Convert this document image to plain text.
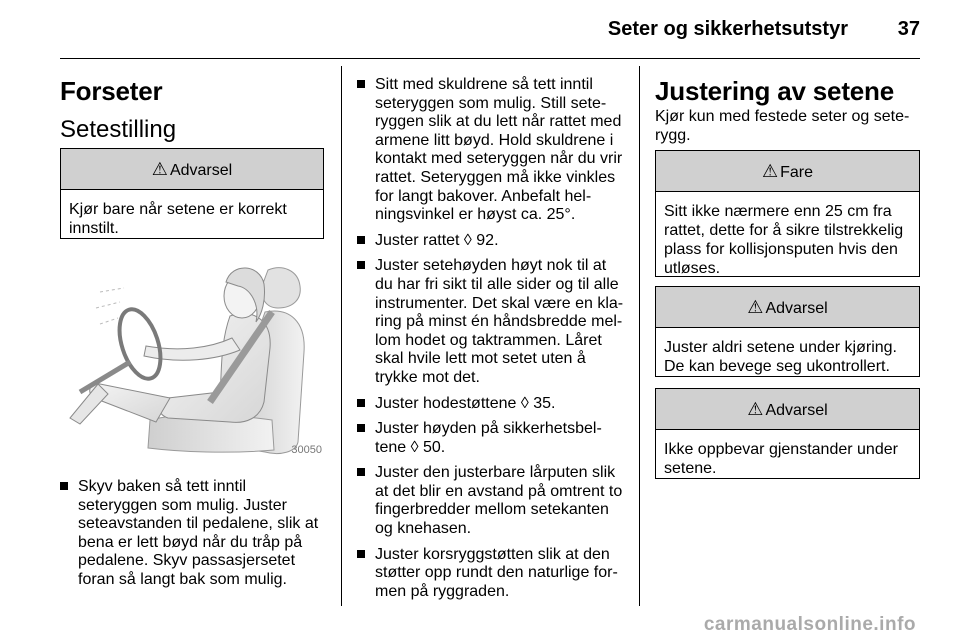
Seter og sikkerhetsutstyr 37
Forseter
Setestilling
⚠ Advarsel
Kjør bare når setene er korrekt innstilt.
30050
Skyv baken så tett inntil seteryggen som mulig. Juster seteavstanden til pedalene, slik at bena er lett bøyd når du tråp på pedalene. Skyv passasjersetet foran så langt bak som mulig.
Sitt med skuldrene så tett inntil seteryggen som mulig. Still seteryggen slik at du lett når rattet med armene litt bøyd. Hold skuldrene i kontakt med seteryggen når du vrir rattet. Seteryggen må ikke vinkles for langt bakover. Anbefalt helningsvinkel er høyst ca. 25°.
Juster rattet ◊ 92.
Juster setehøyden høyt nok til at du har fri sikt til alle sider og til alle instrumenter. Det skal være en klaring på minst én håndsbredde mellom hodet og taktrammen. Låret skal hvile lett mot setet uten å trykke mot det.
Juster hodestøttene ◊ 35.
Juster høyden på sikkerhetsbeltene ◊ 50.
Juster den justerbare lårputen slik at det blir en avstand på omtrent to fingerbredder mellom setekanten og knehasen.
Juster korsryggstøtten slik at den støtter opp rundt den naturlige formen på ryggraden.
Justering av setene
Kjør kun med festede seter og seterygg.
⚠ Fare
Sitt ikke nærmere enn 25 cm fra rattet, dette for å sikre tilstrekkelig plass for kollisjonsputen hvis den utløses.
⚠ Advarsel
Juster aldri setene under kjøring. De kan bevege seg ukontrollert.
⚠ Advarsel
Ikke oppbevar gjenstander under setene.
carmanualsonline.info
